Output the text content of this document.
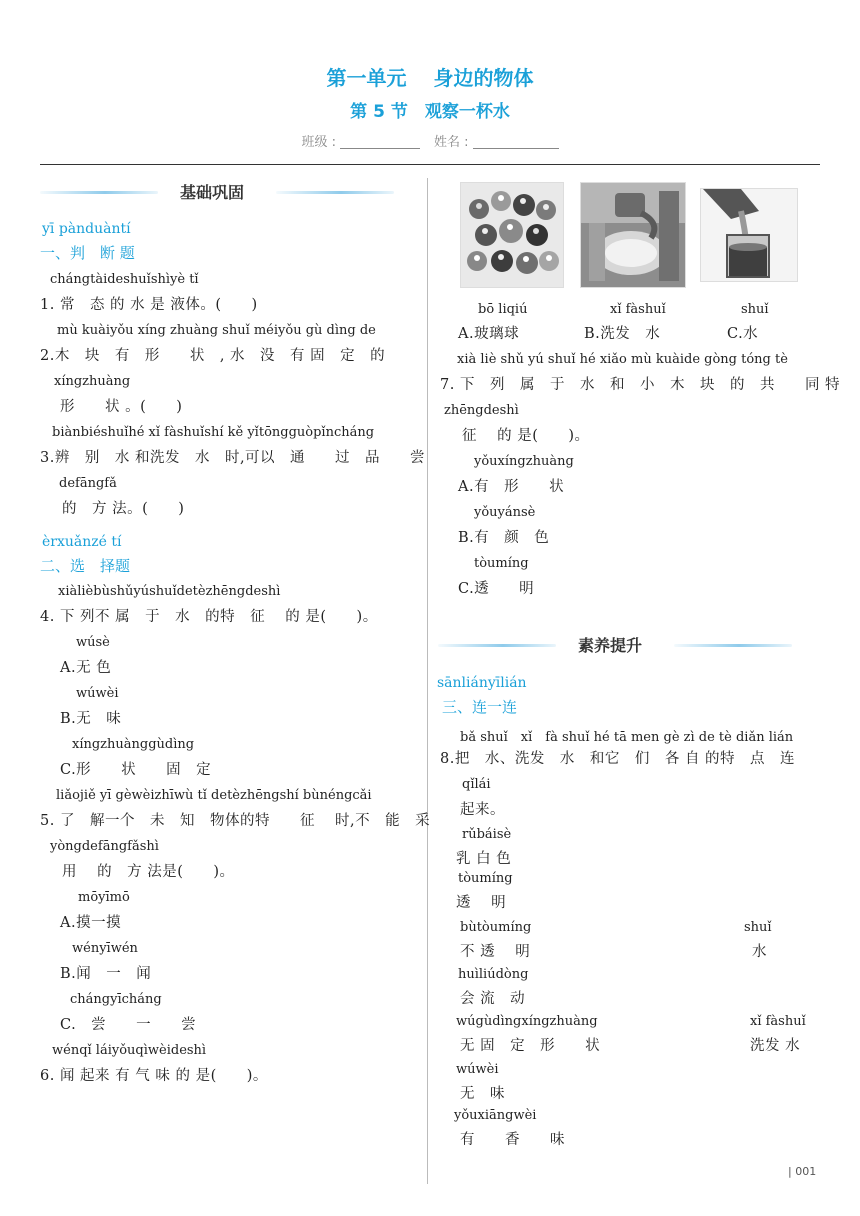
第一单元　 身边的物体
第 5 节　观察一杯水
班级 :	姓名 :
基础巩固
yī pànduàntí
一、判　断 题
chángtàideshuǐshìyè tǐ
1. 常　态 的 水 是 液体。(　　)
mù kuàiyǒu xíng zhuàng shuǐ méiyǒu gù dìng de
2.木　块　有　形　　状　, 水　没　有 固　定　的
xíngzhuàng
形　　状 。(　　)
biànbiéshuǐhé xǐ fàshuǐshí kě yǐtōngguòpǐncháng
3.辨　别　水 和洗发　水　时,可以　通　　过　品　　尝
defāngfǎ
的　方 法。(　　)
èrxuǎnzé tí
二、选　择题
xiàlièbùshǔyúshuǐdetèzhēngdeshì
4. 下 列不 属　于　水　的特　征　 的 是(　　)。
wúsè
A.无 色
wúwèi
B.无　味
xíngzhuànggùdìng
C.形　　状　　固　定
liǎojiě yī gèwèizhīwù tǐ detèzhēngshí bùnéngcǎi
5. 了　解一个　未　知　物体的特　　征　 时,不　能　采
yòngdefāngfǎshì
用　 的　方 法是(　　)。
mōyīmō
A.摸一摸
wényīwén
B.闻　一　闻
chángyīcháng
C.　尝　　一　　尝
wénqǐ láiyǒuqìwèideshì
6. 闻 起来 有 气 味 的 是(　　)。
bō liqiú
A.玻璃球
xǐ fàshuǐ
B.洗发　水
shuǐ
C.水
xià liè shǔ yú shuǐ hé xiǎo mù kuàide gòng tóng tè
7. 下　列　属　于　水　和　小　木　块　的　共　　同 特
zhēngdeshì
征　 的 是(　　)。
yǒuxíngzhuàng
A.有　形　　状
yǒuyánsè
B.有　颜　色
tòumíng
C.透　　明
素养提升
sānliányīlián
三、连一连
bǎ shuǐ　xǐ　fà shuǐ hé tā men gè zì de tè diǎn lián
8.把　水、洗发　水　和它　们　各 自 的特　点　连
qǐlái
起来。
rǔbáisè
乳 白 色
tòumíng
透　 明
bùtòumíng
不 透　 明
huìliúdòng
会 流　动
wúgùdìngxíngzhuàng
无 固　定　形　　状
wúwèi
无　味
yǒuxiāngwèi
有　　香　　味
shuǐ
水
xǐ fàshuǐ
洗发 水
| 001
